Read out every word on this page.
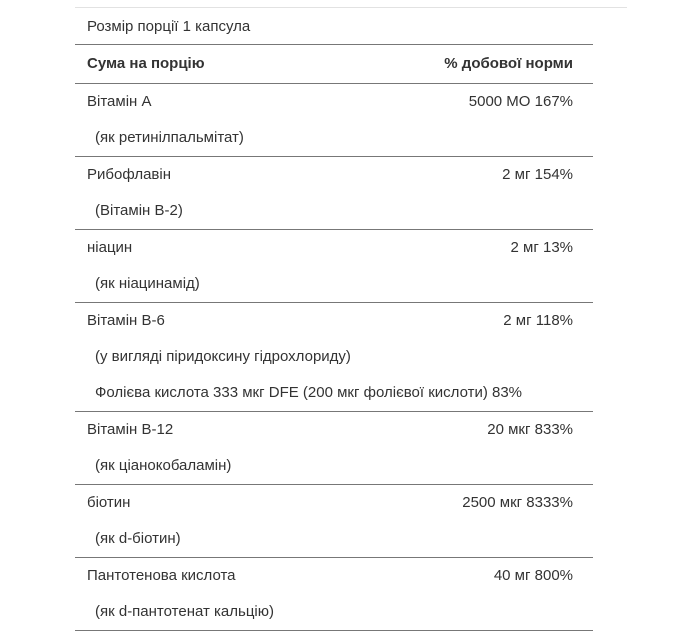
Розмір порції 1 капсула
Сума на порцію	% добової норми
Вітамін А	5000 МО 167%
(як ретинілпальмітат)
Рибофлавін	2 мг 154%
(Вітамін В-2)
ніацин	2 мг 13%
(як ніацинамід)
Вітамін В-6	2 мг 118%
(у вигляді піридоксину гідрохлориду)
Фолієва кислота 333 мкг DFE (200 мкг фолієвої кислоти) 83%
Вітамін В-12	20 мкг 833%
(як ціанокобаламін)
біотин	2500 мкг 8333%
(як d-біотин)
Пантотенова кислота	40 мг 800%
(як d-пантотенат кальцію)
